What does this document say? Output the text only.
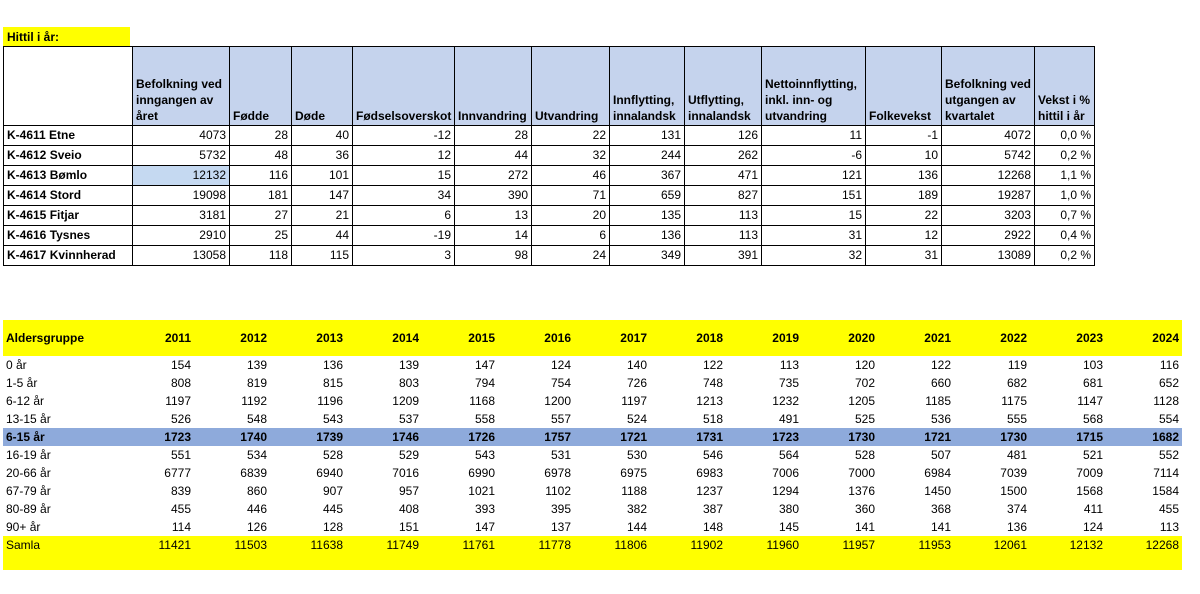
Hittil i år:
	Befolkning ved inngangen av året	Fødde	Døde	Fødselsoverskot	Innvandring	Utvandring	Innflytting, innalandsk	Utflytting, innalandsk	Nettoinnflytting, inkl. inn- og utvandring	Folkevekst	Befolkning ved utgangen av kvartalet	Vekst i % hittil i år
K-4611 Etne	4073	28	40	-12	28	22	131	126	11	-1	4072	0,0 %
K-4612 Sveio	5732	48	36	12	44	32	244	262	-6	10	5742	0,2 %
K-4613 Bømlo	12132	116	101	15	272	46	367	471	121	136	12268	1,1 %
K-4614 Stord	19098	181	147	34	390	71	659	827	151	189	19287	1,0 %
K-4615 Fitjar	3181	27	21	6	13	20	135	113	15	22	3203	0,7 %
K-4616 Tysnes	2910	25	44	-19	14	6	136	113	31	12	2922	0,4 %
K-4617 Kvinnherad	13058	118	115	3	98	24	349	391	32	31	13089	0,2 %
Aldersgruppe	2011	2012	2013	2014	2015	2016	2017	2018	2019	2020	2021	2022	2023	2024
0 år	154	139	136	139	147	124	140	122	113	120	122	119	103	116
1-5 år	808	819	815	803	794	754	726	748	735	702	660	682	681	652
6-12 år	1197	1192	1196	1209	1168	1200	1197	1213	1232	1205	1185	1175	1147	1128
13-15 år	526	548	543	537	558	557	524	518	491	525	536	555	568	554
6-15 år	1723	1740	1739	1746	1726	1757	1721	1731	1723	1730	1721	1730	1715	1682
16-19 år	551	534	528	529	543	531	530	546	564	528	507	481	521	552
20-66 år	6777	6839	6940	7016	6990	6978	6975	6983	7006	7000	6984	7039	7009	7114
67-79 år	839	860	907	957	1021	1102	1188	1237	1294	1376	1450	1500	1568	1584
80-89 år	455	446	445	408	393	395	382	387	380	360	368	374	411	455
90+ år	114	126	128	151	147	137	144	148	145	141	141	136	124	113
Samla	11421	11503	11638	11749	11761	11778	11806	11902	11960	11957	11953	12061	12132	12268
